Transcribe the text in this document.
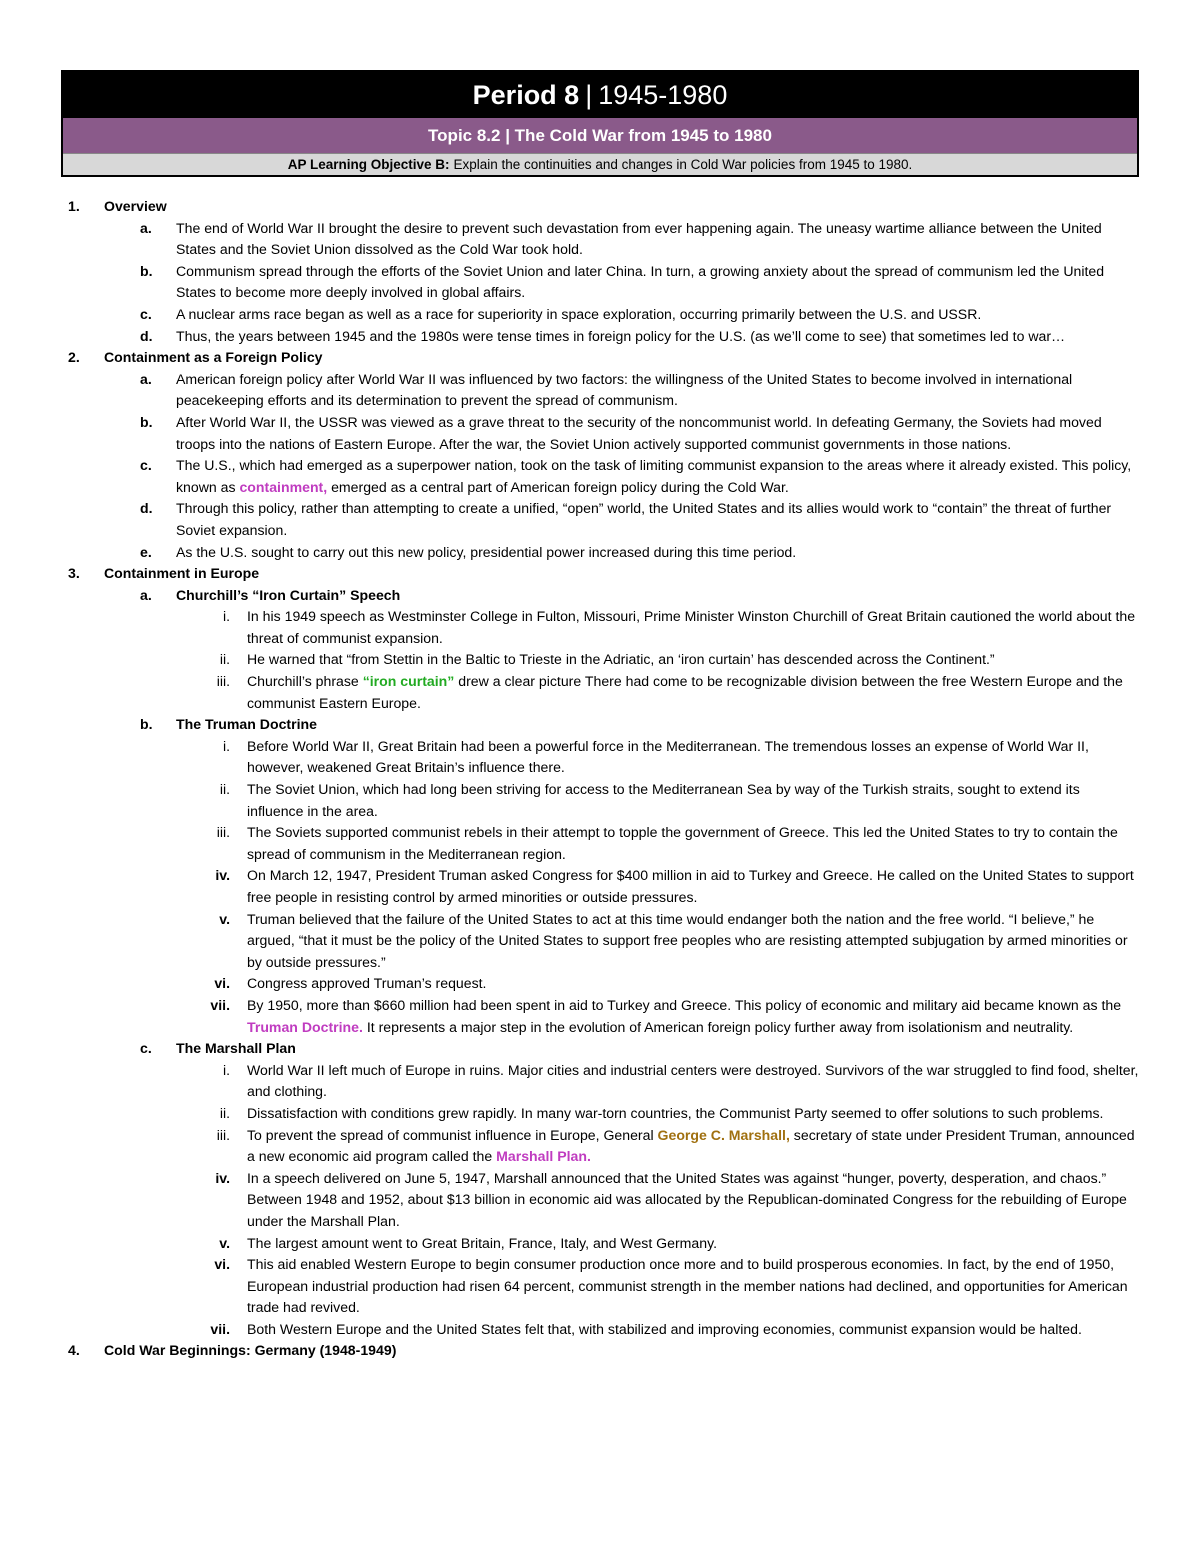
Period 8 | 1945-1980
Topic 8.2 | The Cold War from 1945 to 1980
AP Learning Objective B: Explain the continuities and changes in Cold War policies from 1945 to 1980.
1.	Overview
a.	The end of World War II brought the desire to prevent such devastation from ever happening again. The uneasy wartime alliance between the United States and the Soviet Union dissolved as the Cold War took hold.
b.	Communism spread through the efforts of the Soviet Union and later China. In turn, a growing anxiety about the spread of communism led the United States to become more deeply involved in global affairs.
c.	A nuclear arms race began as well as a race for superiority in space exploration, occurring primarily between the U.S. and USSR.
d.	Thus, the years between 1945 and the 1980s were tense times in foreign policy for the U.S. (as we’ll come to see) that sometimes led to war…
2.	Containment as a Foreign Policy
a.	American foreign policy after World War II was influenced by two factors: the willingness of the United States to become involved in international peacekeeping efforts and its determination to prevent the spread of communism.
b.	After World War II, the USSR was viewed as a grave threat to the security of the noncommunist world. In defeating Germany, the Soviets had moved troops into the nations of Eastern Europe. After the war, the Soviet Union actively supported communist governments in those nations.
c.	The U.S., which had emerged as a superpower nation, took on the task of limiting communist expansion to the areas where it already existed. This policy, known as containment, emerged as a central part of American foreign policy during the Cold War.
d.	Through this policy, rather than attempting to create a unified, “open” world, the United States and its allies would work to “contain” the threat of further Soviet expansion.
e.	As the U.S. sought to carry out this new policy, presidential power increased during this time period.
3.	Containment in Europe
a.	Churchill’s “Iron Curtain” Speech
i. In his 1949 speech as Westminster College in Fulton, Missouri, Prime Minister Winston Churchill of Great Britain cautioned the world about the threat of communist expansion.
ii. He warned that “from Stettin in the Baltic to Trieste in the Adriatic, an ‘iron curtain’ has descended across the Continent.”
iii. Churchill’s phrase “iron curtain” drew a clear picture There had come to be recognizable division between the free Western Europe and the communist Eastern Europe.
b.	The Truman Doctrine
i. Before World War II, Great Britain had been a powerful force in the Mediterranean. The tremendous losses an expense of World War II, however, weakened Great Britain’s influence there.
ii. The Soviet Union, which had long been striving for access to the Mediterranean Sea by way of the Turkish straits, sought to extend its influence in the area.
iii. The Soviets supported communist rebels in their attempt to topple the government of Greece. This led the United States to try to contain the spread of communism in the Mediterranean region.
iv. On March 12, 1947, President Truman asked Congress for $400 million in aid to Turkey and Greece. He called on the United States to support free people in resisting control by armed minorities or outside pressures.
v. Truman believed that the failure of the United States to act at this time would endanger both the nation and the free world. “I believe,” he argued, “that it must be the policy of the United States to support free peoples who are resisting attempted subjugation by armed minorities or by outside pressures.”
vi. Congress approved Truman’s request.
vii. By 1950, more than $660 million had been spent in aid to Turkey and Greece. This policy of economic and military aid became known as the Truman Doctrine. It represents a major step in the evolution of American foreign policy further away from isolationism and neutrality.
c.	The Marshall Plan
i. World War II left much of Europe in ruins. Major cities and industrial centers were destroyed. Survivors of the war struggled to find food, shelter, and clothing.
ii. Dissatisfaction with conditions grew rapidly. In many war-torn countries, the Communist Party seemed to offer solutions to such problems.
iii. To prevent the spread of communist influence in Europe, General George C. Marshall, secretary of state under President Truman, announced a new economic aid program called the Marshall Plan.
iv. In a speech delivered on June 5, 1947, Marshall announced that the United States was against “hunger, poverty, desperation, and chaos.” Between 1948 and 1952, about $13 billion in economic aid was allocated by the Republican-dominated Congress for the rebuilding of Europe under the Marshall Plan.
v. The largest amount went to Great Britain, France, Italy, and West Germany.
vi. This aid enabled Western Europe to begin consumer production once more and to build prosperous economies. In fact, by the end of 1950, European industrial production had risen 64 percent, communist strength in the member nations had declined, and opportunities for American trade had revived.
vii. Both Western Europe and the United States felt that, with stabilized and improving economies, communist expansion would be halted.
4.	Cold War Beginnings: Germany (1948-1949)
